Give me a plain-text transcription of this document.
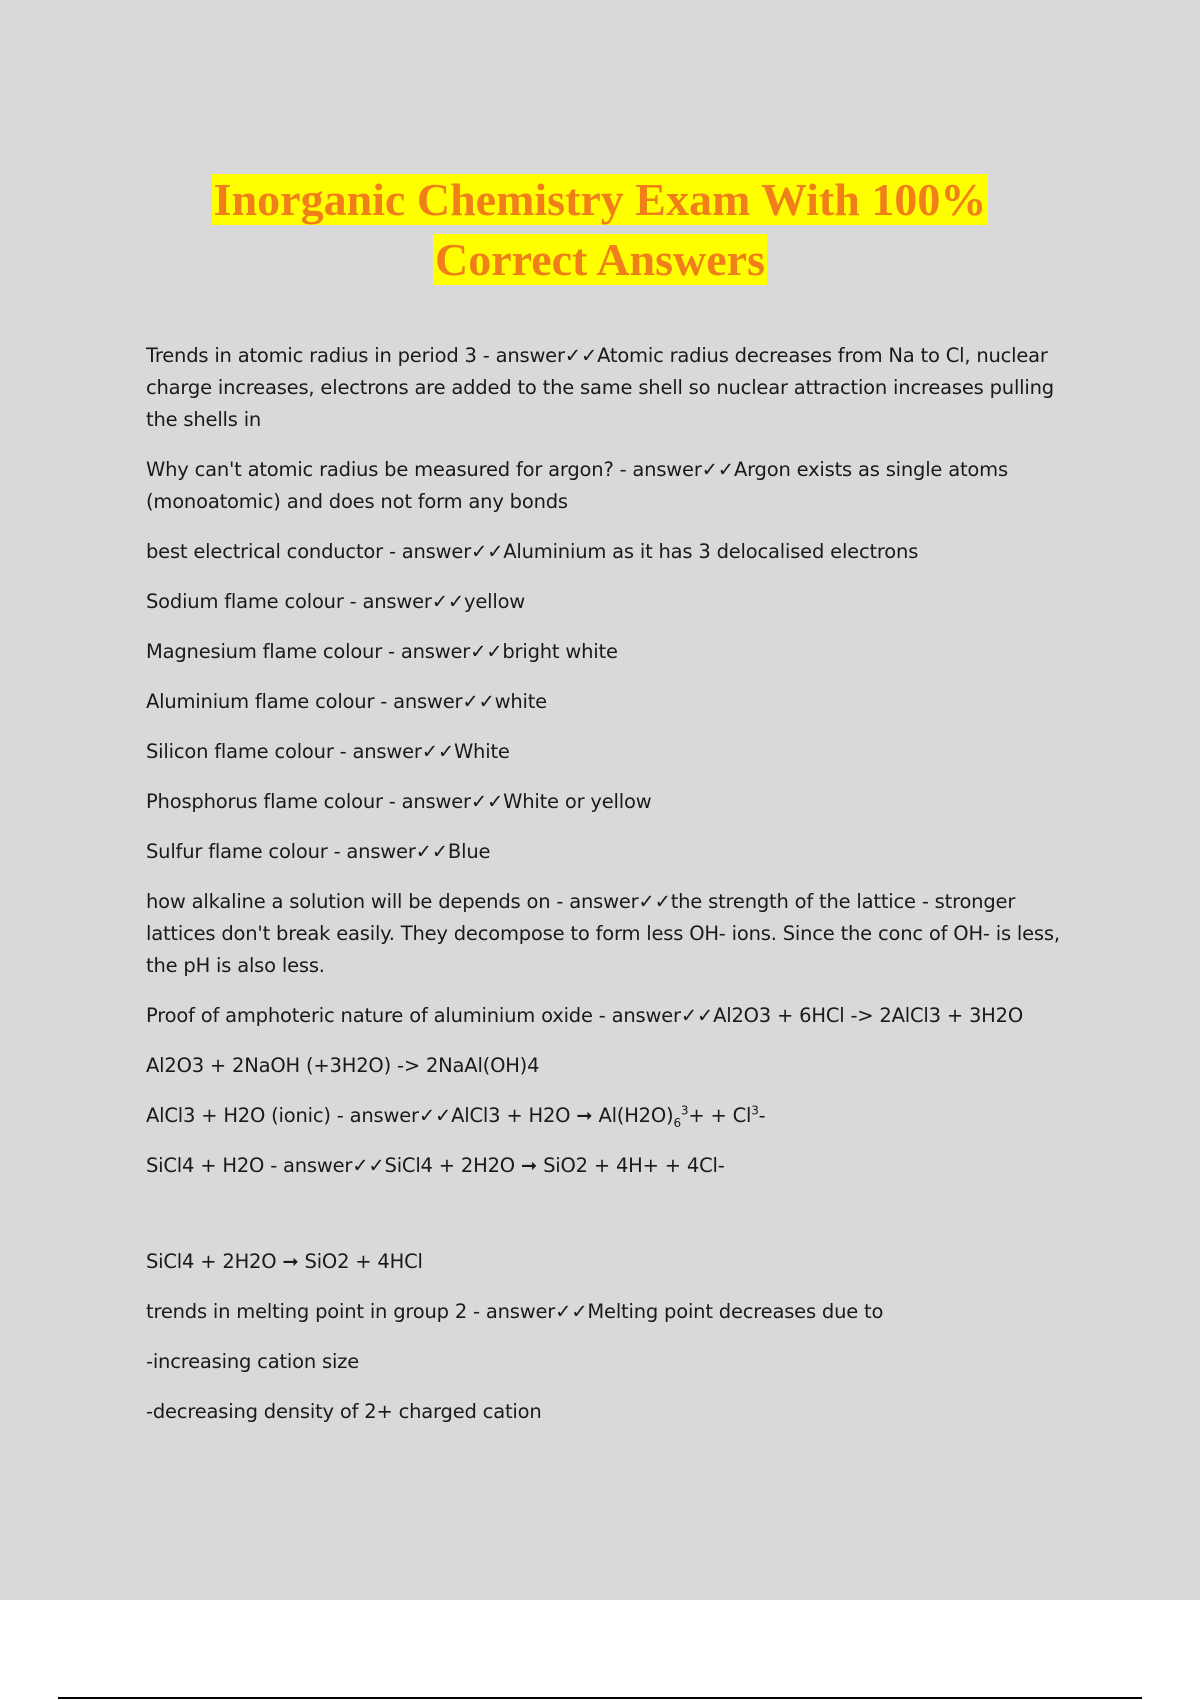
Inorganic Chemistry Exam With 100%
Correct Answers

Trends in atomic radius in period 3 - answer✓✓Atomic radius decreases from Na to Cl, nuclear charge increases, electrons are added to the same shell so nuclear attraction increases pulling the shells in

Why can't atomic radius be measured for argon? - answer✓✓Argon exists as single atoms (monoatomic) and does not form any bonds

best electrical conductor - answer✓✓Aluminium as it has 3 delocalised electrons

Sodium flame colour - answer✓✓yellow

Magnesium flame colour - answer✓✓bright white

Aluminium flame colour - answer✓✓white

Silicon flame colour - answer✓✓White

Phosphorus flame colour - answer✓✓White or yellow

Sulfur flame colour - answer✓✓Blue

how alkaline a solution will be depends on - answer✓✓the strength of the lattice - stronger lattices don't break easily. They decompose to form less OH- ions. Since the conc of OH- is less, the pH is also less.

Proof of amphoteric nature of aluminium oxide - answer✓✓Al2O3 + 6HCl -> 2AlCl3 + 3H2O

Al2O3 + 2NaOH (+3H2O) -> 2NaAl(OH)4

AlCl3 + H2O (ionic) - answer✓✓AlCl3 + H2O ➞ $Al(H2O)_6^3+ + Cl^3-$

SiCl4 + H2O - answer✓✓SiCl4 + 2H2O ➞ SiO2 + 4H+ + 4Cl-

SiCl4 + 2H2O ➞ SiO2 + 4HCl

trends in melting point in group 2 - answer✓✓Melting point decreases due to

-increasing cation size

-decreasing density of 2+ charged cation
